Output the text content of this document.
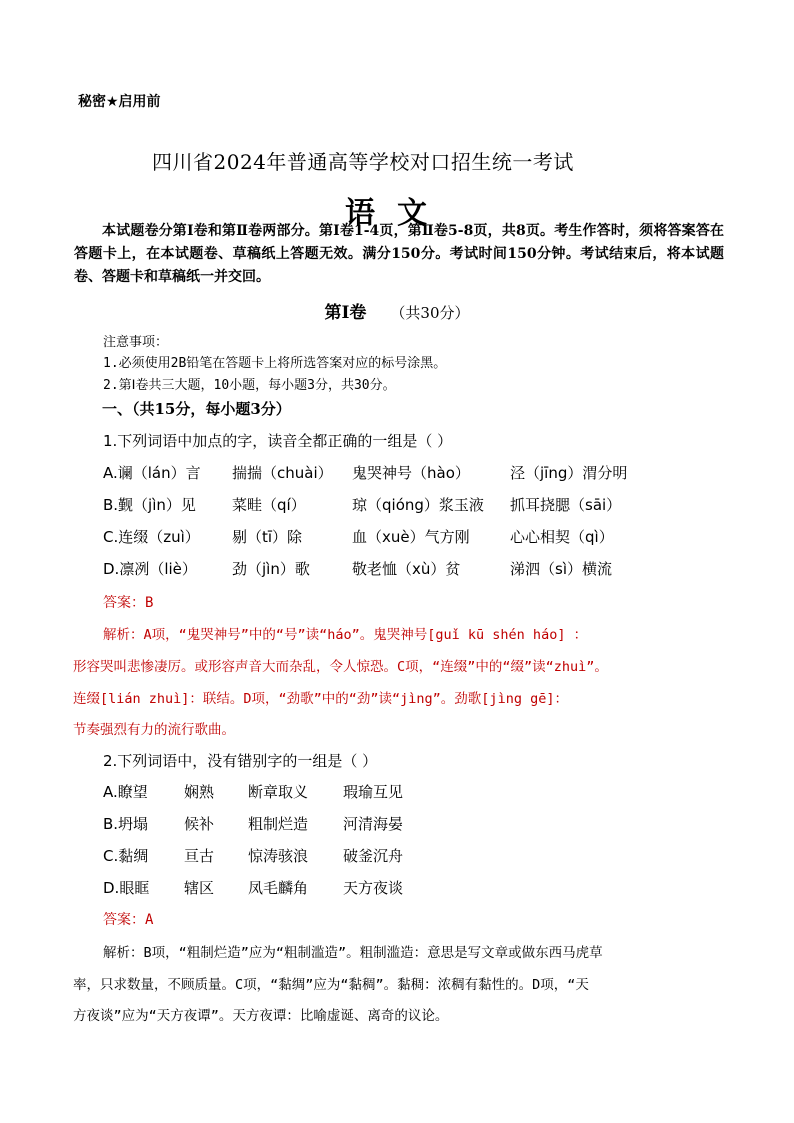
秘密★启用前
四川省2024年普通高等学校对口招生统一考试
语文
本试题卷分第Ⅰ卷和第Ⅱ卷两部分。第Ⅰ卷1-4页，第Ⅱ卷5-8页，共8页。考生作答时，须将答案答在答题卡上，在本试题卷、草稿纸上答题无效。满分150分。考试时间150分钟。考试结束后，将本试题卷、答题卡和草稿纸一并交回。
第Ⅰ卷 （共30分）
注意事项：
1.必须使用2B铅笔在答题卡上将所选答案对应的标号涂黑。
2.第Ⅰ卷共三大题，10小题，每小题3分，共30分。
一、（共15分，每小题3分）
1.下列词语中加点的字，读音全都正确的一组是（ ）
A.谰（lán）言 揣揣（chuài） 鬼哭神号（hào）	泾（jīng）渭分明
B.觐（jìn）见 菜畦（qí）	琼（qióng）浆玉液 抓耳挠腮（sāi）
C.连缀（zuì） 剔（tī）除	血（xuè）气方刚	心心相契（qì）
D.凛冽（liè） 劲（jìn）歌	敬老恤（xù）贫	涕泗（sì）横流
答案：B
解析：A项，“鬼哭神号”中的“号”读“háo”。鬼哭神号[guǐ kū shén háo] ：
形容哭叫悲惨凄厉。或形容声音大而杂乱，令人惊恐。C项，“连缀”中的“缀”读“zhuì”。
连缀[lián zhuì]：联结。D项，“劲歌”中的“劲”读“jìng”。劲歌[jìng gē]：
节奏强烈有力的流行歌曲。
2.下列词语中，没有错别字的一组是（ ）
A.瞭望 娴熟 断章取义 瑕瑜互见
B.坍塌 候补 粗制烂造 河清海晏
C.黏绸 亘古 惊涛骇浪 破釜沉舟
D.眼眶 辖区 凤毛麟角 天方夜谈
答案：A
解析：B项，“粗制烂造”应为“粗制滥造”。粗制滥造：意思是写文章或做东西马虎草
率，只求数量，不顾质量。C项，“黏绸”应为“黏稠”。黏稠：浓稠有黏性的。D项，“天
方夜谈”应为“天方夜谭”。天方夜谭：比喻虚诞、离奇的议论。
